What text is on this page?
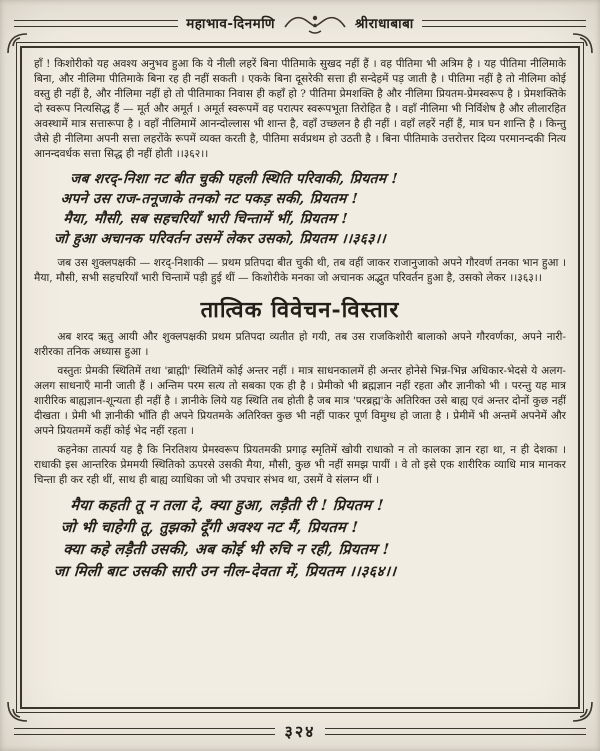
महाभाव-दिनमणि	श्रीराधाबाबा

हाँ ! किशोरीको यह अवश्य अनुभव हुआ कि ये नीली लहरें बिना पीतिमाके सुखद नहीं हैं । वह पीतिमा भी अत्रिम है । यह पीतिमा नीलिमाके बिना, और नीलिमा पीतिमाके बिना रह ही नहीं सकती । एकके बिना दूसरेकी सत्ता ही सन्देहमें पड़ जाती है । पीतिमा नहीं है तो नीलिमा कोई वस्तु ही नहीं है, और नीलिमा नहीं हो तो पीतिमाका निवास ही कहाँ हो ? पीतिमा प्रेमशक्ति है और नीलिमा प्रियतम-प्रेमस्वरूप है । प्रेमशक्तिके दो स्वरूप नित्यसिद्ध हैं — मूर्त और अमूर्त । अमूर्त स्वरूपमें वह परात्पर स्वरूपभूता तिरोहित है । वहाँ नीलिमा भी निर्विशेष है और लीलारहित अवस्थामें मात्र सत्तारूपा है । वहाँ नीलिमामें आनन्दोल्लास भी शान्त है, वहाँ उच्छलन है ही नहीं । वहाँ लहरें नहीं हैं, मात्र घन शान्ति है । किन्तु जैसे ही नीलिमा अपनी सत्ता लहरोंके रूपमें व्यक्त करती है, पीतिमा सर्वप्रथम हो उठती है । बिना पीतिमाके उत्तरोत्तर दिव्य परमानन्दकी नित्य आनन्दवर्धक सत्ता सिद्ध ही नहीं होती ।।३६२।।

जब शरद्-निशा नट बीत चुकी पहली स्थिति परिवाकी, प्रियतम !
अपने उस राज-तनूजाके तनको नट पकड़ सकी, प्रियतम !
मैया, मौसी, सब सहचरियाँ भारी चिन्तामें भीं, प्रियतम !
जो हुआ अचानक परिवर्तन उसमें लेकर उसको, प्रियतम ।।३६३।।

जब उस शुक्लपक्षकी — शरद्-निशाकी — प्रथम प्रतिपदा बीत चुकी थी, तब वहीं जाकर राजानुजाको अपने गौरवर्ण तनका भान हुआ । मैया, मौसी, सभी सहचरियाँ भारी चिन्तामें पड़ी हुई थीं — किशोरीके मनका जो अचानक अद्भुत परिवर्तन हुआ है, उसको लेकर ।।३६३।।

तात्विक विवेचन-विस्तार

अब शरद ऋतु आयी और शुक्लपक्षकी प्रथम प्रतिपदा व्यतीत हो गयी, तब उस राजकिशोरी बालाको अपने गौरवर्णका, अपने नारी-शरीरका तनिक अध्यास हुआ ।

वस्तुतः प्रेमकी स्थितिमें तथा 'ब्राह्मी' स्थितिमें कोई अन्तर नहीं । मात्र साधनकालमें ही अन्तर होनेसे भिन्न-भिन्न अधिकार-भेदसे ये अलग-अलग साधनाएँ मानी जाती हैं । अन्तिम परम सत्य तो सबका एक ही है । प्रेमीको भी ब्रह्मज्ञान नहीं रहता और ज्ञानीको भी । परन्तु यह मात्र शारीरिक बाह्यज्ञान-शून्यता ही नहीं है । ज्ञानीके लिये यह स्थिति तब होती है जब मात्र 'परब्रह्म'के अतिरिक्त उसे बाह्य एवं अन्तर दोनों कुछ नहीं दीखता । प्रेमी भी ज्ञानीकी भाँति ही अपने प्रियतमके अतिरिक्त कुछ भी नहीं पाकर पूर्ण विमुग्ध हो जाता है । प्रेमीमें भी अन्तमें अपनेमें और अपने प्रियतममें कहीं कोई भेद नहीं रहता ।

कहनेका तात्पर्य यह है कि निरतिशय प्रेमस्वरूप प्रियतमकी प्रगाढ़ स्मृतिमें खोयी राधाको न तो कालका ज्ञान रहा था, न ही देशका । राधाकी इस आन्तरिक प्रेममयी स्थितिको ऊपरसे उसकी मैया, मौसी, कुछ भी नहीं समझ पायीं । वे तो इसे एक शारीरिक व्याधि मात्र मानकर चिन्ता ही कर रही थीं, साथ ही बाह्य व्याधिका जो भी उपचार संभव था, उसमें वे संलग्न थीं ।

मैया कहती तू न तला दे, क्या हुआ, लड़ैती री ! प्रियतम !
जो भी चाहेगी तू, तुझको दूँगी अवश्य नट मैं, प्रियतम !
क्या कहे लड़ैती उसकी, अब कोई भी रुचि न रही, प्रियतम !
जा मिली बाट उसकी सारी उन नील-देवता में, प्रियतम ।।३६४।।
३२४
